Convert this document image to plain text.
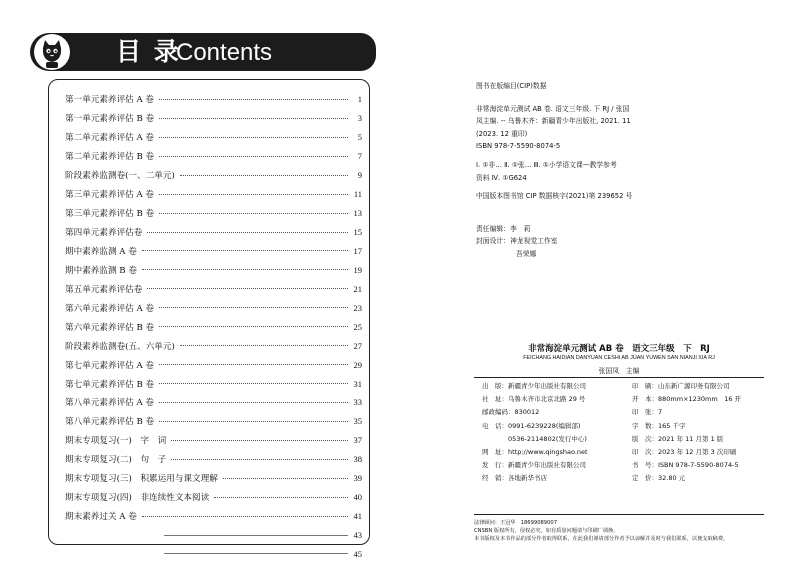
目 录
Contents
第一单元素养评估 A 卷	1
第一单元素养评估 B 卷	3
第二单元素养评估 A 卷	5
第二单元素养评估 B 卷	7
阶段素养监测卷(一、二单元)	9
第三单元素养评估 A 卷	11
第三单元素养评估 B 卷	13
第四单元素养评估卷	15
期中素养监测 A 卷	17
期中素养监测 B 卷	19
第五单元素养评估卷	21
第六单元素养评估 A 卷	23
第六单元素养评估 B 卷	25
阶段素养监测卷(五、六单元)	27
第七单元素养评估 A 卷	29
第七单元素养评估 B 卷	31
第八单元素养评估 A 卷	33
第八单元素养评估 B 卷	35
期末专项复习(一)　字　词	37
期末专项复习(二)　句　子	38
期末专项复习(三)　积累运用与课文理解	39
期末专项复习(四)　非连续性文本阅读	40
期末素养过关 A 卷	41
43
45

图书在版编目(CIP)数据

非常海淀单元测试 AB 卷. 语文三年级. 下 RJ / 张国

凤主编. -- 乌鲁木齐：新疆青少年出版社, 2021. 11

(2023. 12 重印)

ISBN 978-7-5590-8074-5

Ⅰ. ①非… Ⅱ. ①张… Ⅲ. ①小学语文课—教学参考

资料 Ⅳ. ①G624

中国版本图书馆 CIP 数据核字(2021)第 239652 号

责任编辑：李　莉

封面设计：神龙视觉工作室

吾荣娜

非常海淀单元测试 AB 卷　语文三年级　下　RJ
FEICHANG HAIDIAN DANYUAN CESHI AB JUAN YUWEN SAN NIANJI XIA RJ
张国凤　主编
出　版：新疆青少年出版社有限公司	印　刷：山东新广源印务有限公司
社　址：乌鲁木齐市北京北路 29 号	开　本：880mm×1230mm　16 开
邮政编码：830012	印　张：7
电　话：0991-6239228(编辑部)	字　数：165 千字
　　　　0536-2114802(发行中心)	版　次：2021 年 11 月第 1 版
网　址：http://www.qingshao.net	印　次：2023 年 12 月第 3 次印刷
发　行：新疆青少年出版社有限公司	书　号：ISBN 978-7-5590-8074-5
经　销：各地新华书店	定　价：32.80 元

法律顾问：王冠华　18699089007

CNSBN 版权所有，侵权必究。如有质量问题请与印刷厂调换。

本书版权及本书作品的部分作者取得联系，在此我们谨请部分作者予以谅解并及时与我们联系，以便支取稿费。
